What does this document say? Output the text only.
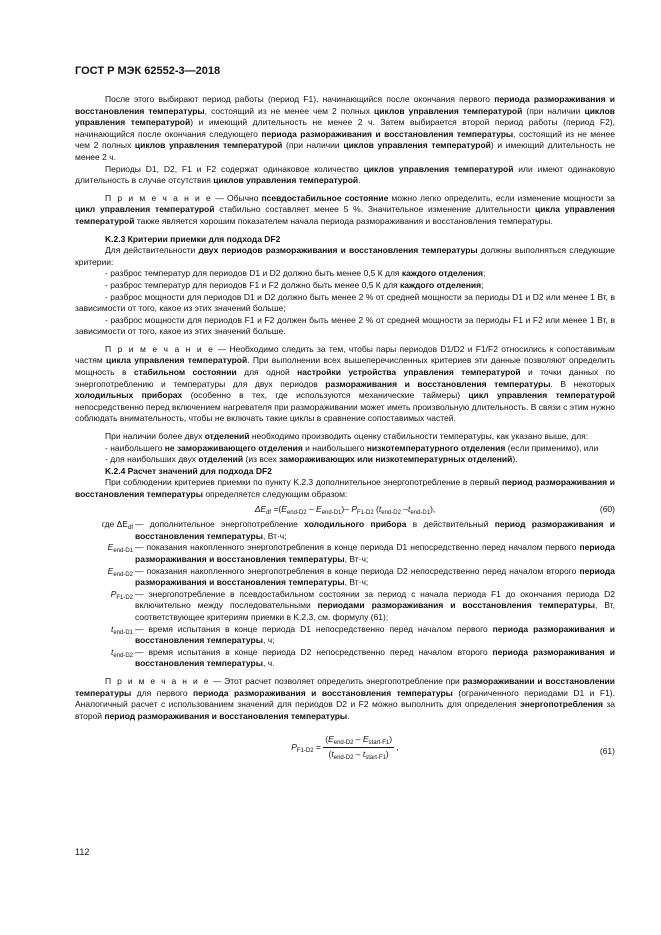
ГОСТ Р МЭК 62552-3—2018

После этого выбирают период работы (период F1), начинающийся после окончания первого периода размораживания и восстановления температуры, состоящий из не менее чем 2 полных циклов управления температурой (при наличии циклов управления температурой) и имеющий длительность не менее 2 ч. Затем выбирается второй период работы (период F2), начинающийся после окончания следующего периода размораживания и восстановления температуры, состоящий из не менее чем 2 полных циклов управления температурой (при наличии циклов управления температурой) и имеющий длительность не менее 2 ч.

Периоды D1, D2, F1 и F2 содержат одинаковое количество циклов управления температурой или имеют одинаковую длительность в случае отсутствия циклов управления температурой.

П р и м е ч а н и е — Обычно псевдостабильное состояние можно легко определить, если изменение мощности за цикл управления температурой стабильно составляет менее 5 %. Значительное изменение длительности цикла управления температурой также является хорошим показателем начала периода размораживания и восстановления температуры.

K.2.3 Критерии приемки для подхода DF2

Для действительности двух периодов размораживания и восстановления температуры должны выполняться следующие критерии:

- разброс температур для периодов D1 и D2 должно быть менее 0,5 К для каждого отделения;

- разброс температур для периодов F1 и F2 должно быть менее 0,5 К для каждого отделения;

- разброс мощности для периодов D1 и D2 должно быть менее 2 % от средней мощности за периоды D1 и D2 или менее 1 Вт, в зависимости от того, какое из этих значений больше;

- разброс мощности для периодов F1 и F2 должен быть менее 2 % от средней мощности за периоды F1 и F2 или менее 1 Вт, в зависимости от того, какое из этих значений больше.

П р и м е ч а н и е — Необходимо следить за тем, чтобы пары периодов D1/D2 и F1/F2 относились к сопоставимым частям цикла управления температурой. При выполнении всех вышеперечисленных критериев эти данные позволяют определить мощность в стабильном состоянии для одной настройки устройства управления температурой и точки данных по энергопотреблению и температуры для двух периодов размораживания и восстановления температуры. В некоторых холодильных приборах (особенно в тех, где используются механические таймеры) цикл управления температурой непосредственно перед включением нагревателя при размораживании может иметь произвольную длительность. В связи с этим нужно соблюдать внимательность, чтобы не включать такие циклы в сравнение сопоставимых частей.

При наличии более двух отделений необходимо производить оценку стабильности температуры, как указано выше, для:

- наибольшего не замораживающего отделения и наибольшего низкотемпературного отделения (если применимо), или

- для наибольших двух отделений (из всех замораживающих или низкотемпературных отделений).

K.2.4 Расчет значений для подхода DF2

При соблюдении критериев приемки по пункту K.2.3 дополнительное энергопотребление в первый период размораживания и восстановления температуры определяется следующим образом:

$\Delta E_{df} =(E_{end-D2} - E_{end-D1})-$ $P_{F1-D2}$ ($t_{end-D2}$ $-t_{end-D1}$),	(60)
где $\Delta E_{df}$ — дополнительное энергопотребление холодильного прибора в действительный период размораживания и восстановления температуры, Вт·ч;
$E_{end-D1}$ — показания накопленного энергопотребления в конце периода D1 непосредственно перед началом первого периода размораживания и восстановления температуры, Вт·ч;
$E_{end-D2}$ — показания накопленного энергопотребления в конце периода D2 непосредственно перед началом второго периода размораживания и восстановления температуры, Вт·ч;
$P_{F1-D2}$ — энергопотребление в псевдостабильном состоянии за период с начала периода F1 до окончания периода D2 включительно между последовательными периодами размораживания и восстановления температуры, Вт, соответствующее критериям приемки в K.2.3, см. формулу (61);
$t_{end-D1}$ — время испытания в конце периода D1 непосредственно перед началом первого периода размораживания и восстановления температуры, ч;
$t_{end-D2}$ — время испытания в конце периода D2 непосредственно перед началом второго периода размораживания и восстановления температуры, ч.

П р и м е ч а н и е — Этот расчет позволяет определить энергопотребление при размораживании и восстановлении температуры для первого периода размораживания и восстановления температуры (ограниченного периодами D1 и F1). Аналогичный расчет с использованием значений для периодов D2 и F2 можно выполнить для определения энергопотребления за второй период размораживания и восстановления температуры.

$P_{F1-D2} = \frac{(E_{end-D2} - E_{start-F1})}{(t_{end-D2} - t_{start-F1})}$ ,	(61)
112
